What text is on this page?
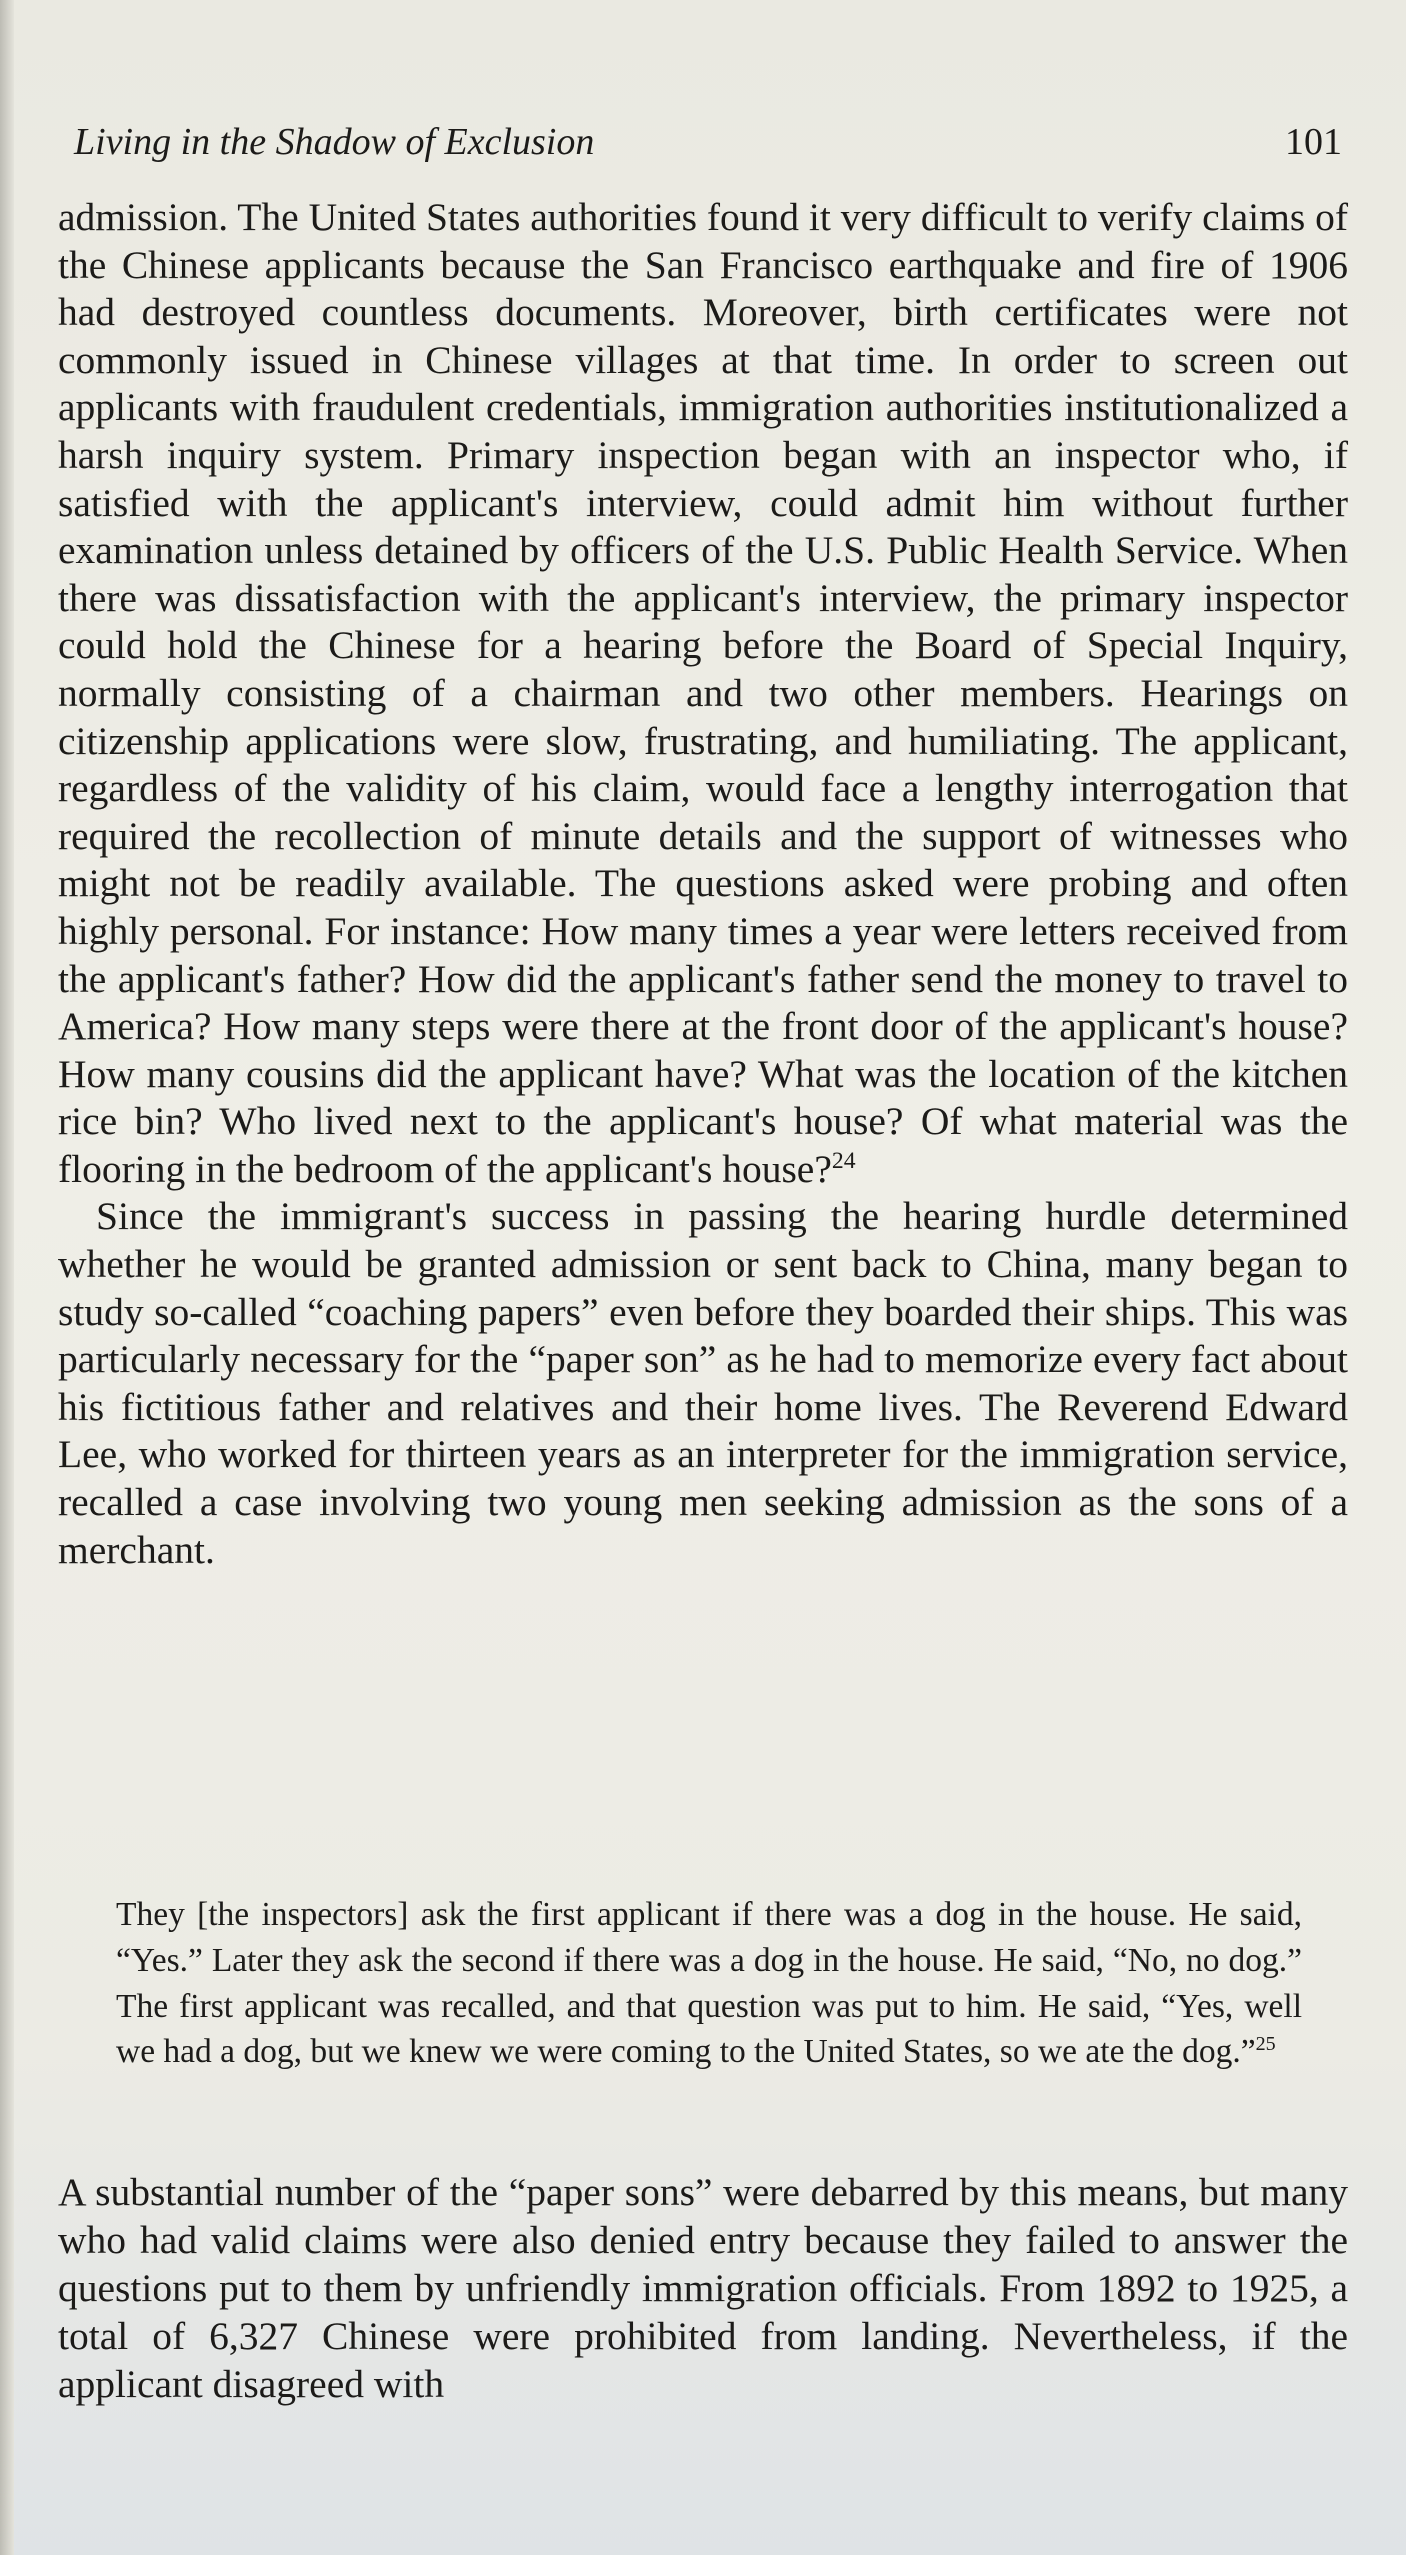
Living in the Shadow of Exclusion	101

admission. The United States authorities found it very difficult to verify claims of the Chinese applicants because the San Francisco earthquake and fire of 1906 had destroyed countless documents. Moreover, birth certificates were not commonly issued in Chinese villages at that time. In order to screen out applicants with fraudulent credentials, immigration authorities institutionalized a harsh inquiry system. Primary inspection began with an inspector who, if satisfied with the applicant's interview, could admit him without further examination unless detained by officers of the U.S. Public Health Service. When there was dissatisfaction with the applicant's interview, the primary inspector could hold the Chinese for a hearing before the Board of Special Inquiry, normally consisting of a chairman and two other members. Hearings on citizenship applications were slow, frustrating, and humiliating. The applicant, regardless of the validity of his claim, would face a lengthy interrogation that required the recollection of minute details and the support of witnesses who might not be readily available. The questions asked were probing and often highly personal. For instance: How many times a year were letters received from the applicant's father? How did the applicant's father send the money to travel to America? How many steps were there at the front door of the applicant's house? How many cousins did the applicant have? What was the location of the kitchen rice bin? Who lived next to the applicant's house? Of what material was the flooring in the bedroom of the applicant's house?$^{24}$

Since the immigrant's success in passing the hearing hurdle determined whether he would be granted admission or sent back to China, many began to study so-called “coaching papers” even before they boarded their ships. This was particularly necessary for the “paper son” as he had to memorize every fact about his fictitious father and relatives and their home lives. The Reverend Edward Lee, who worked for thirteen years as an interpreter for the immigration service, recalled a case involving two young men seeking admission as the sons of a merchant.

They [the inspectors] ask the first applicant if there was a dog in the house. He said, “Yes.” Later they ask the second if there was a dog in the house. He said, “No, no dog.” The first applicant was recalled, and that question was put to him. He said, “Yes, well we had a dog, but we knew we were coming to the United States, so we ate the dog.”$^{25}$

A substantial number of the “paper sons” were debarred by this means, but many who had valid claims were also denied entry because they failed to answer the questions put to them by unfriendly immigration officials. From 1892 to 1925, a total of 6,327 Chinese were prohibited from landing. Nevertheless, if the applicant disagreed with
